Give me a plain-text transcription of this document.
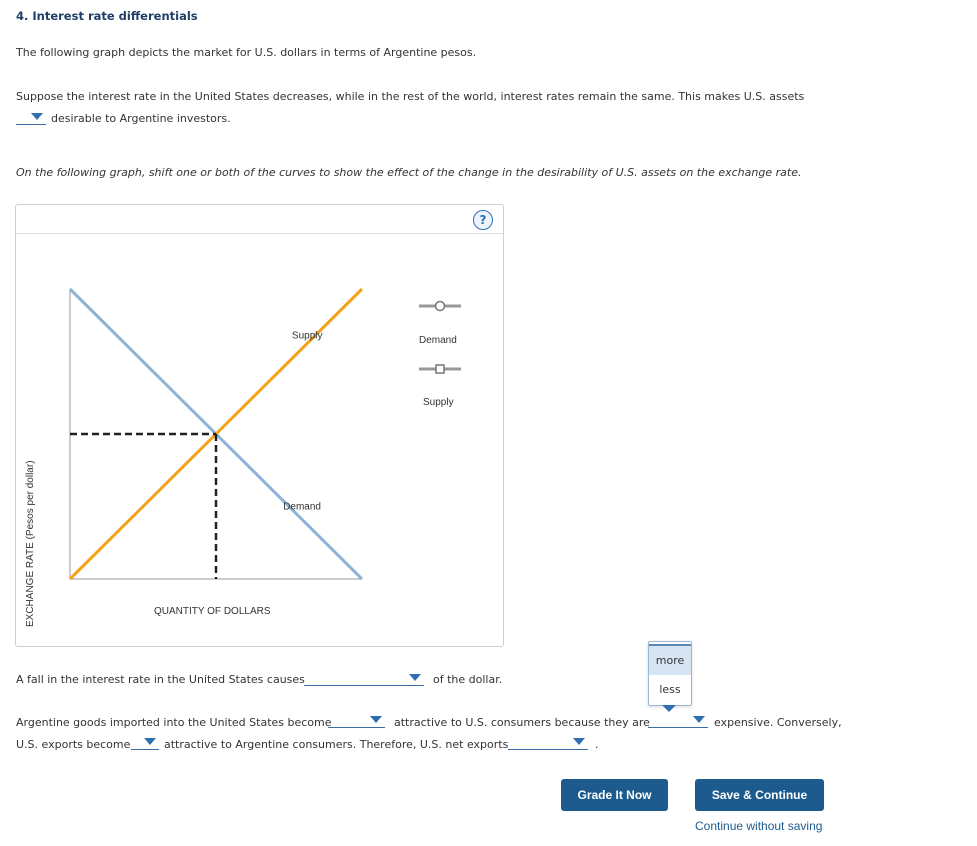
4. Interest rate differentials
The following graph depicts the market for U.S. dollars in terms of Argentine pesos.
Suppose the interest rate in the United States decreases, while in the rest of the world, interest rates remain the same. This makes U.S. assets
desirable to Argentine investors.
On the following graph, shift one or both of the curves to show the effect of the change in the desirability of U.S. assets on the exchange rate.
?
Supply
Demand
EXCHANGE RATE (Pesos per dollar)	QUANTITY OF DOLLARS
Demand
Supply
A fall in the interest rate in the United States causes	of the dollar.
Argentine goods imported into the United States become	attractive to U.S. consumers because they are	expensive. Conversely,
U.S. exports become	attractive to Argentine consumers. Therefore, U.S. net exports	.
more
less
Grade It Now	Save & Continue
Continue without saving
